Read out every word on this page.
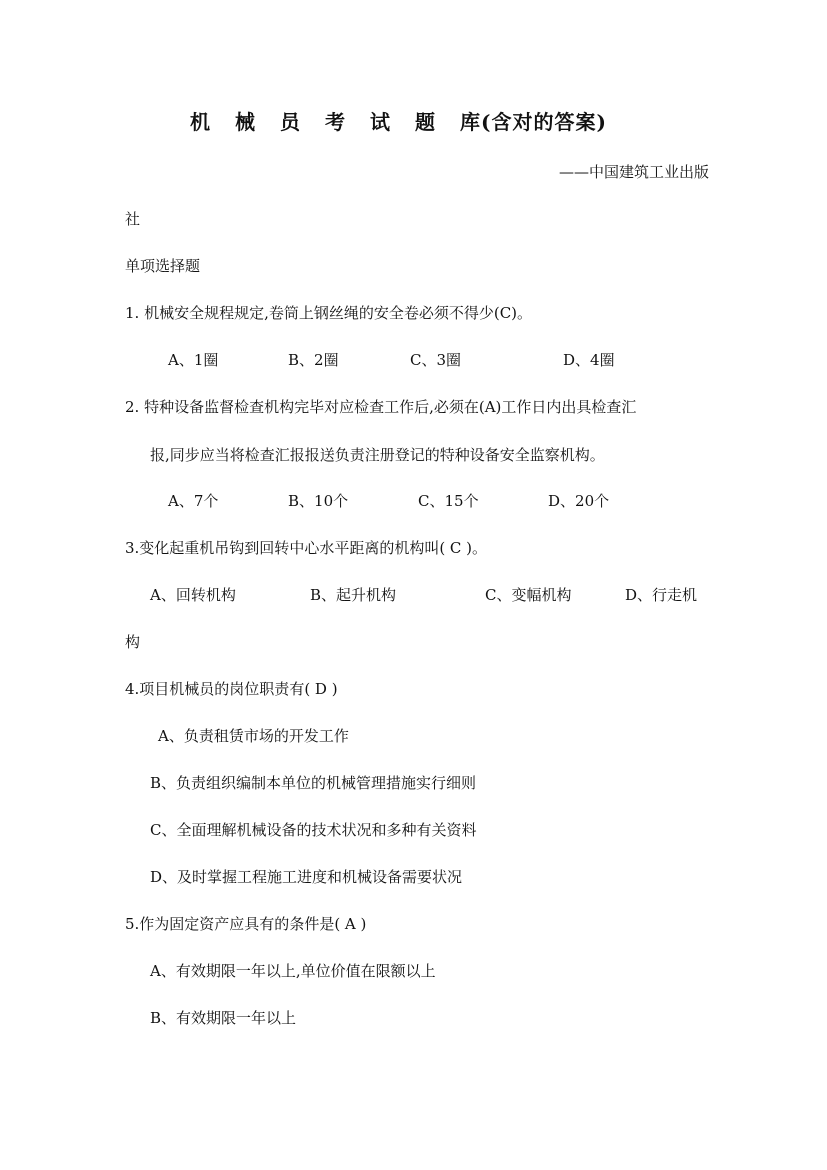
机 械 员 考 试 题 库(含对的答案)
——中国建筑工业出版
社
单项选择题
1. 机械安全规程规定,卷筒上钢丝绳的安全卷必须不得少(C)。
A、1圈	B、2圈	C、3圈	D、4圈
2. 特种设备监督检查机构完毕对应检查工作后,必须在(A)工作日内出具检查汇
报,同步应当将检查汇报报送负责注册登记的特种设备安全监察机构。
A、7个	B、10个	C、15个	D、20个
3.变化起重机吊钩到回转中心水平距离的机构叫( C )。
A、回转机构	B、起升机构	C、变幅机构	D、行走机
构
4.项目机械员的岗位职责有( D )
A、负责租赁市场的开发工作
B、负责组织编制本单位的机械管理措施实行细则
C、全面理解机械设备的技术状况和多种有关资料
D、及时掌握工程施工进度和机械设备需要状况
5.作为固定资产应具有的条件是( A )
A、有效期限一年以上,单位价值在限额以上
B、有效期限一年以上
